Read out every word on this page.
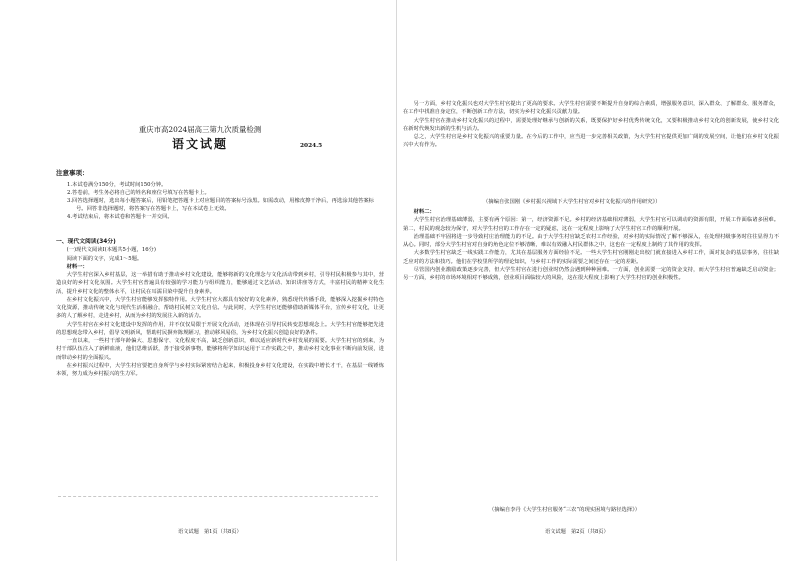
重庆市高2024届高三第九次质量检测
语文试题	2024.5
注意事项：

1.本试卷满分150分，考试时间150分钟。

2.答卷前，考生务必将自己的姓名和座位号填写在答题卡上。

3.回答选择题时，选出每小题答案后，用铅笔把答题卡上对应题目的答案标号涂黑。如需改动，用橡皮擦干净后，再选涂其他答案标号。回答非选择题时，将答案写在答题卡上，写在本试卷上无效。

4.考试结束后，将本试卷和答题卡一并交回。

一、现代文阅读(34分)

(一)现代文阅读Ⅰ(本题共5小题，16分)

阅读下面的文字，完成1～5题。

材料一：

大学生村官深入乡村基层，这一举措有助于推动乡村文化建设，能够将新的文化理念与文化活动带到乡村，引导村民积极参与其中，营造良好的乡村文化氛围。大学生村官普遍具有较强的学习能力与组织能力，能够通过文艺活动、知识讲座等方式，丰富村民的精神文化生活，提升乡村文化的整体水平，让村民在耳濡目染中提升自身素养。

在乡村文化振兴中，大学生村官能够发挥独特作用。大学生村官大都具有较好的文化素养，熟悉现代传播手段，能够深入挖掘乡村特色文化资源，推动传统文化与现代生活相融合，帮助村民树立文化自信。与此同时，大学生村官还能够借助新媒体平台，宣传乡村文化，让更多的人了解乡村，走进乡村，从而为乡村的发展注入新的活力。

大学生村官在乡村文化建设中发挥的作用，并不仅仅局限于开展文化活动，还体现在引导村民转变思想观念上。大学生村官能够把先进的思想观念带入乡村，倡导文明新风，帮助村民摒弃陈规陋习，推动移风易俗，为乡村文化振兴创造良好的条件。

一直以来，一些村干部年龄偏大、思想保守、文化程度不高，缺乏创新意识，难以适应新时代乡村发展的需要。大学生村官的到来，为村干部队伍注入了新鲜血液，他们思维活跃，善于接受新事物，能够将所学知识运用于工作实践之中，推动乡村文化事业不断向前发展，进而带动乡村的全面振兴。

在乡村振兴过程中，大学生村官要把自身所学与乡村实际紧密结合起来，积极投身乡村文化建设，在实践中增长才干，在基层一线锤炼本领，努力成为乡村振兴的生力军。

语文试题　第1页（共8页）

另一方面，乡村文化振兴也对大学生村官提出了更高的要求。大学生村官需要不断提升自身的综合素质，增强服务意识，深入群众、了解群众、服务群众，在工作中找准自身定位，不断创新工作方法，切实为乡村文化振兴贡献力量。

大学生村官在推动乡村文化振兴的过程中，需要处理好继承与创新的关系，既要保护好乡村优秀传统文化，又要积极推动乡村文化的创新发展，使乡村文化在新时代焕发出新的生机与活力。

总之，大学生村官是乡村文化振兴的重要力量。在今后的工作中，应当进一步完善相关政策，为大学生村官提供更加广阔的发展空间，让他们在乡村文化振兴中大有作为。

（摘编自张国刚《乡村振兴视域下大学生村官对乡村文化振兴的作用研究》）

材料二：

大学生村官治理基础薄弱，主要有两个原因：第一，经济资源不足。乡村的经济基础相对薄弱，大学生村官可以调动的资源有限，开展工作面临诸多困难。第二，村民的观念较为保守，对大学生村官的工作存在一定的疑虑，这在一定程度上影响了大学生村官工作的顺利开展。

治理基础不牢固将进一步导致村庄治理能力的不足。由于大学生村官缺乏农村工作经验，对乡村的实际情况了解不够深入，在处理村级事务时往往显得力不从心。同时，部分大学生村官对自身的角色定位不够清晰，难以有效融入村民群体之中，这也在一定程度上制约了其作用的发挥。

大多数学生村官缺乏一线实践工作能力，尤其在基层服务方面经验不足。一些大学生村官刚刚走出校门就直接进入乡村工作，面对复杂的基层事务，往往缺乏应对的方法和技巧。他们在学校里所学的理论知识，与乡村工作的实际需要之间还存在一定的差距。

尽管国内创业激励政策逐步完善，但大学生村官在进行创业时仍然会遇到种种困难。一方面，创业需要一定的资金支持，而大学生村官普遍缺乏启动资金；另一方面，乡村的市场环境相对不够成熟，创业项目面临较大的风险，这在很大程度上影响了大学生村官的创业积极性。

（摘编自李丹《大学生村官服务“三农”的现实困境与路径选择》）
语文试题　第2页（共8页）
